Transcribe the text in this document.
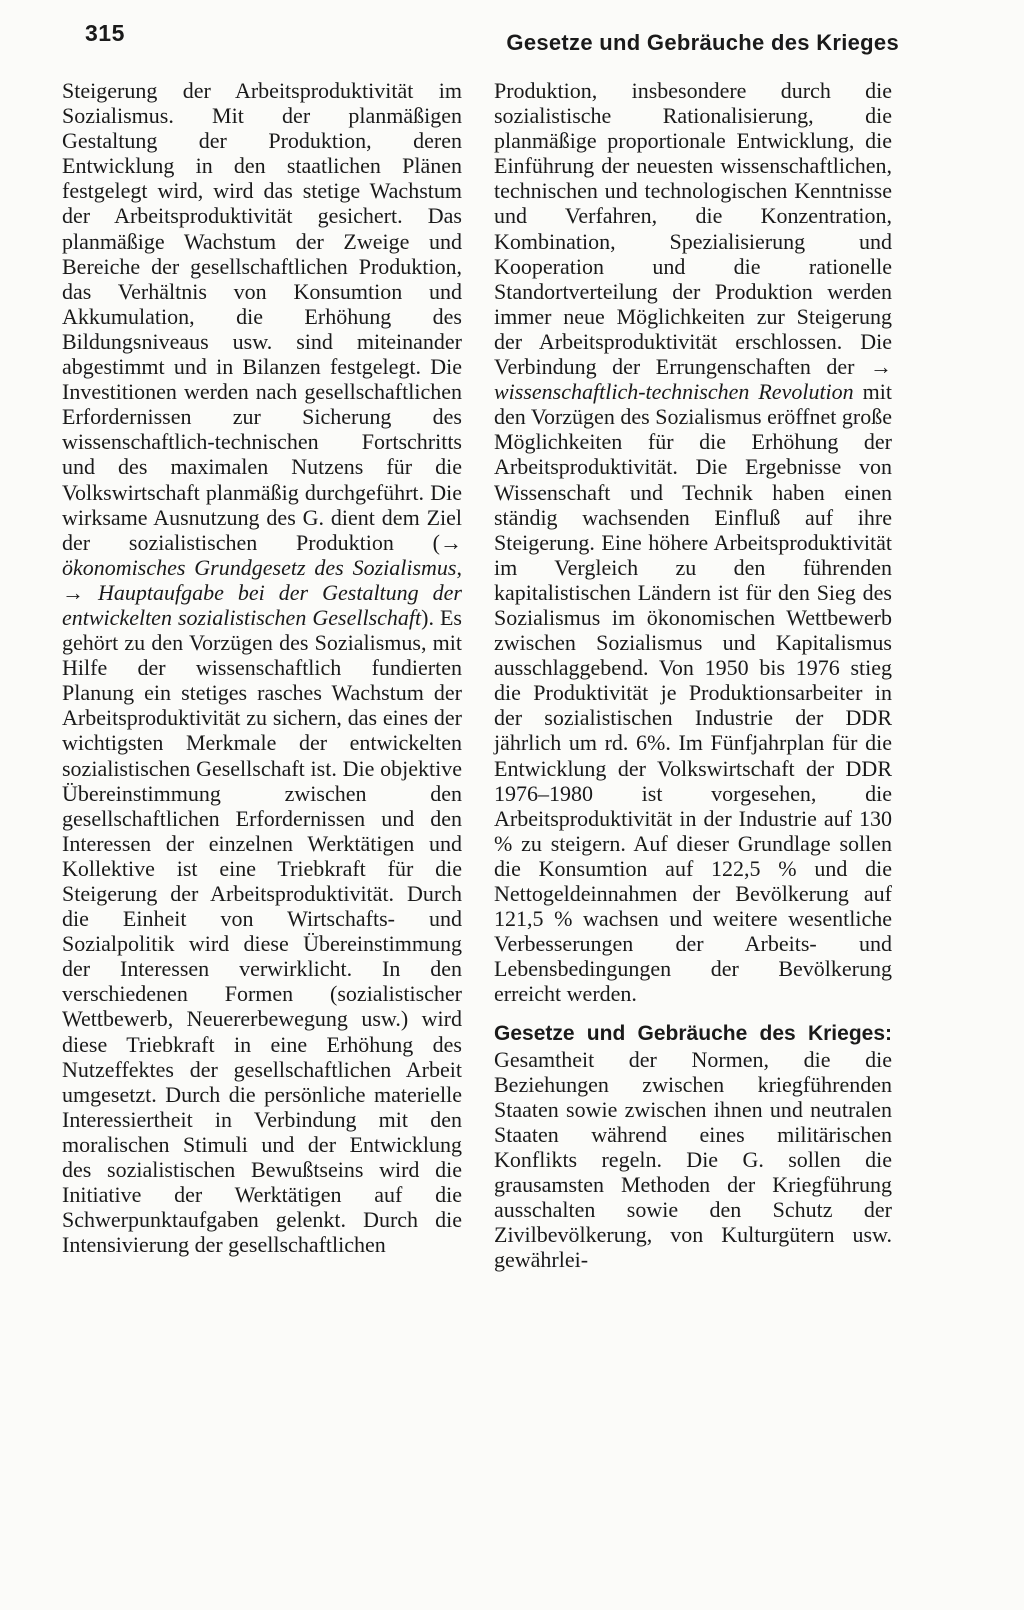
315	Gesetze und Gebräuche des Krieges

Steigerung der Arbeitsproduktivität im Sozialismus. Mit der planmäßigen Gestaltung der Produktion, deren Entwicklung in den staatlichen Plänen festgelegt wird, wird das stetige Wachstum der Arbeitsproduktivität gesichert. Das planmäßige Wachstum der Zweige und Bereiche der gesellschaftlichen Produktion, das Verhältnis von Konsumtion und Akkumulation, die Erhöhung des Bildungsniveaus usw. sind miteinander abgestimmt und in Bilanzen festgelegt. Die Investitionen werden nach gesellschaftlichen Erfordernissen zur Sicherung des wissenschaftlich-technischen Fortschritts und des maximalen Nutzens für die Volkswirtschaft planmäßig durchgeführt. Die wirksame Ausnutzung des G. dient dem Ziel der sozialistischen Produktion (→ ökonomisches Grundgesetz des Sozialismus, → Hauptaufgabe bei der Gestaltung der entwickelten sozialistischen Gesellschaft). Es gehört zu den Vorzügen des Sozialismus, mit Hilfe der wissenschaftlich fundierten Planung ein stetiges rasches Wachstum der Arbeitsproduktivität zu sichern, das eines der wichtigsten Merkmale der entwickelten sozialistischen Gesellschaft ist. Die objektive Übereinstimmung zwischen den gesellschaftlichen Erfordernissen und den Interessen der einzelnen Werktätigen und Kollektive ist eine Triebkraft für die Steigerung der Arbeitsproduktivität. Durch die Einheit von Wirtschafts- und Sozialpolitik wird diese Übereinstimmung der Interessen verwirklicht. In den verschiedenen Formen (sozialistischer Wettbewerb, Neuererbewegung usw.) wird diese Triebkraft in eine Erhöhung des Nutzeffektes der gesellschaftlichen Arbeit umgesetzt. Durch die persönliche materielle Interessiertheit in Verbindung mit den moralischen Stimuli und der Entwicklung des sozialistischen Bewußtseins wird die Initiative der Werktätigen auf die Schwerpunktaufgaben gelenkt. Durch die Intensivierung der gesellschaftlichen

Produktion, insbesondere durch die sozialistische Rationalisierung, die planmäßige proportionale Entwicklung, die Einführung der neuesten wissenschaftlichen, technischen und technologischen Kenntnisse und Verfahren, die Konzentration, Kombination, Spezialisierung und Kooperation und die rationelle Standortverteilung der Produktion werden immer neue Möglichkeiten zur Steigerung der Arbeitsproduktivität erschlossen. Die Verbindung der Errungenschaften der → wissenschaftlich-technischen Revolution mit den Vorzügen des Sozialismus eröffnet große Möglichkeiten für die Erhöhung der Arbeitsproduktivität. Die Ergebnisse von Wissenschaft und Technik haben einen ständig wachsenden Einfluß auf ihre Steigerung. Eine höhere Arbeitsproduktivität im Vergleich zu den führenden kapitalistischen Ländern ist für den Sieg des Sozialismus im ökonomischen Wettbewerb zwischen Sozialismus und Kapitalismus ausschlaggebend. Von 1950 bis 1976 stieg die Produktivität je Produktionsarbeiter in der sozialistischen Industrie der DDR jährlich um rd. 6%. Im Fünfjahrplan für die Entwicklung der Volkswirtschaft der DDR 1976–1980 ist vorgesehen, die Arbeitsproduktivität in der Industrie auf 130 % zu steigern. Auf dieser Grundlage sollen die Konsumtion auf 122,5 % und die Nettogeldeinnahmen der Bevölkerung auf 121,5 % wachsen und weitere wesentliche Verbesserungen der Arbeits- und Lebensbedingungen der Bevölkerung erreicht werden.

Gesetze und Gebräuche des Krieges: Gesamtheit der Normen, die die Beziehungen zwischen kriegführenden Staaten sowie zwischen ihnen und neutralen Staaten während eines militärischen Konflikts regeln. Die G. sollen die grausamsten Methoden der Kriegführung ausschalten sowie den Schutz der Zivilbevölkerung, von Kulturgütern usw. gewährlei-
